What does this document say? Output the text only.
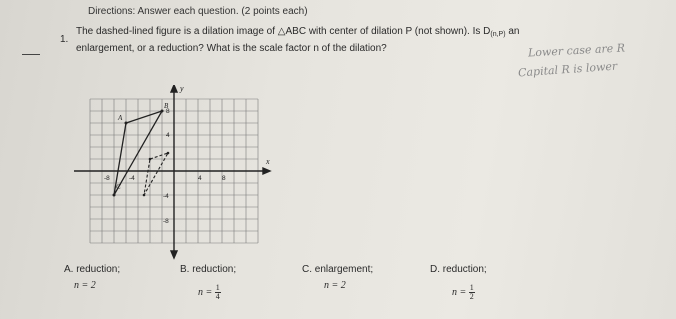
Directions: Answer each question. (2 points each)
1.
The dashed-lined figure is a dilation image of △ABC with center of dilation P (not shown). Is $D_{(n,P)}$ an
enlargement, or a reduction? What is the scale factor n of the dilation?	Lower case are R
Capital R is lower
x
y
8
4
-4
-8
-8	-4	4	8
A
B
C
A. reduction;
n = 2
B. reduction;
$n = \frac{1}{4}$
C. enlargement;
n = 2
D. reduction;
$n = \frac{1}{2}$
